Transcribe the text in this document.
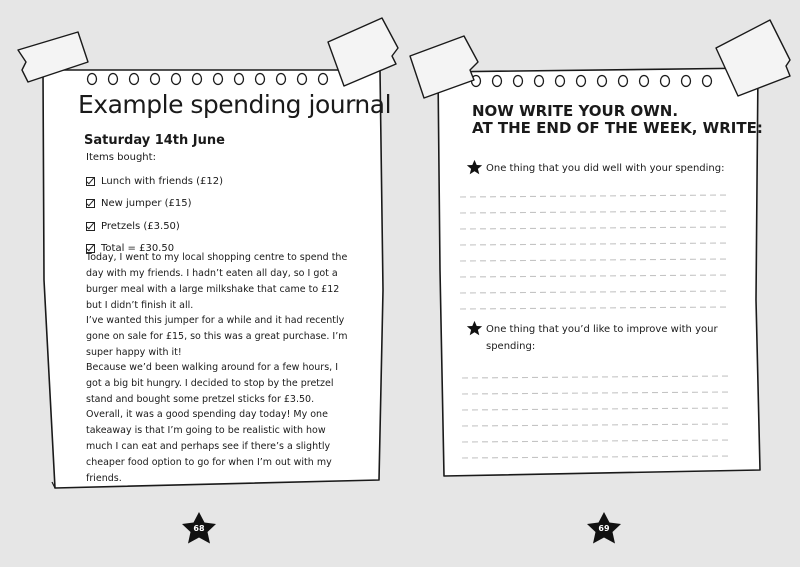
Example spending journal
Saturday 14th June
Items bought:
Lunch with friends (£12)
New jumper (£15)
Pretzels (£3.50)
Total = £30.50

Today, I went to my local shopping centre to spend the day with my friends. I hadn’t eaten all day, so I got a burger meal with a large milkshake that came to £12 but I didn’t finish it all.

I’ve wanted this jumper for a while and it had recently gone on sale for £15, so this was a great purchase. I’m super happy with it!

Because we’d been walking around for a few hours, I got a big bit hungry. I decided to stop by the pretzel stand and bought some pretzel sticks for £3.50.

Overall, it was a good spending day today! My one takeaway is that I’m going to be realistic with how much I can eat and perhaps see if there’s a slightly cheaper food option to go for when I’m out with my friends.

68
NOW WRITE YOUR OWN.
AT THE END OF THE WEEK, WRITE:
One thing that you did well with your spending:
One thing that you’d like to improve with your spending:
69
